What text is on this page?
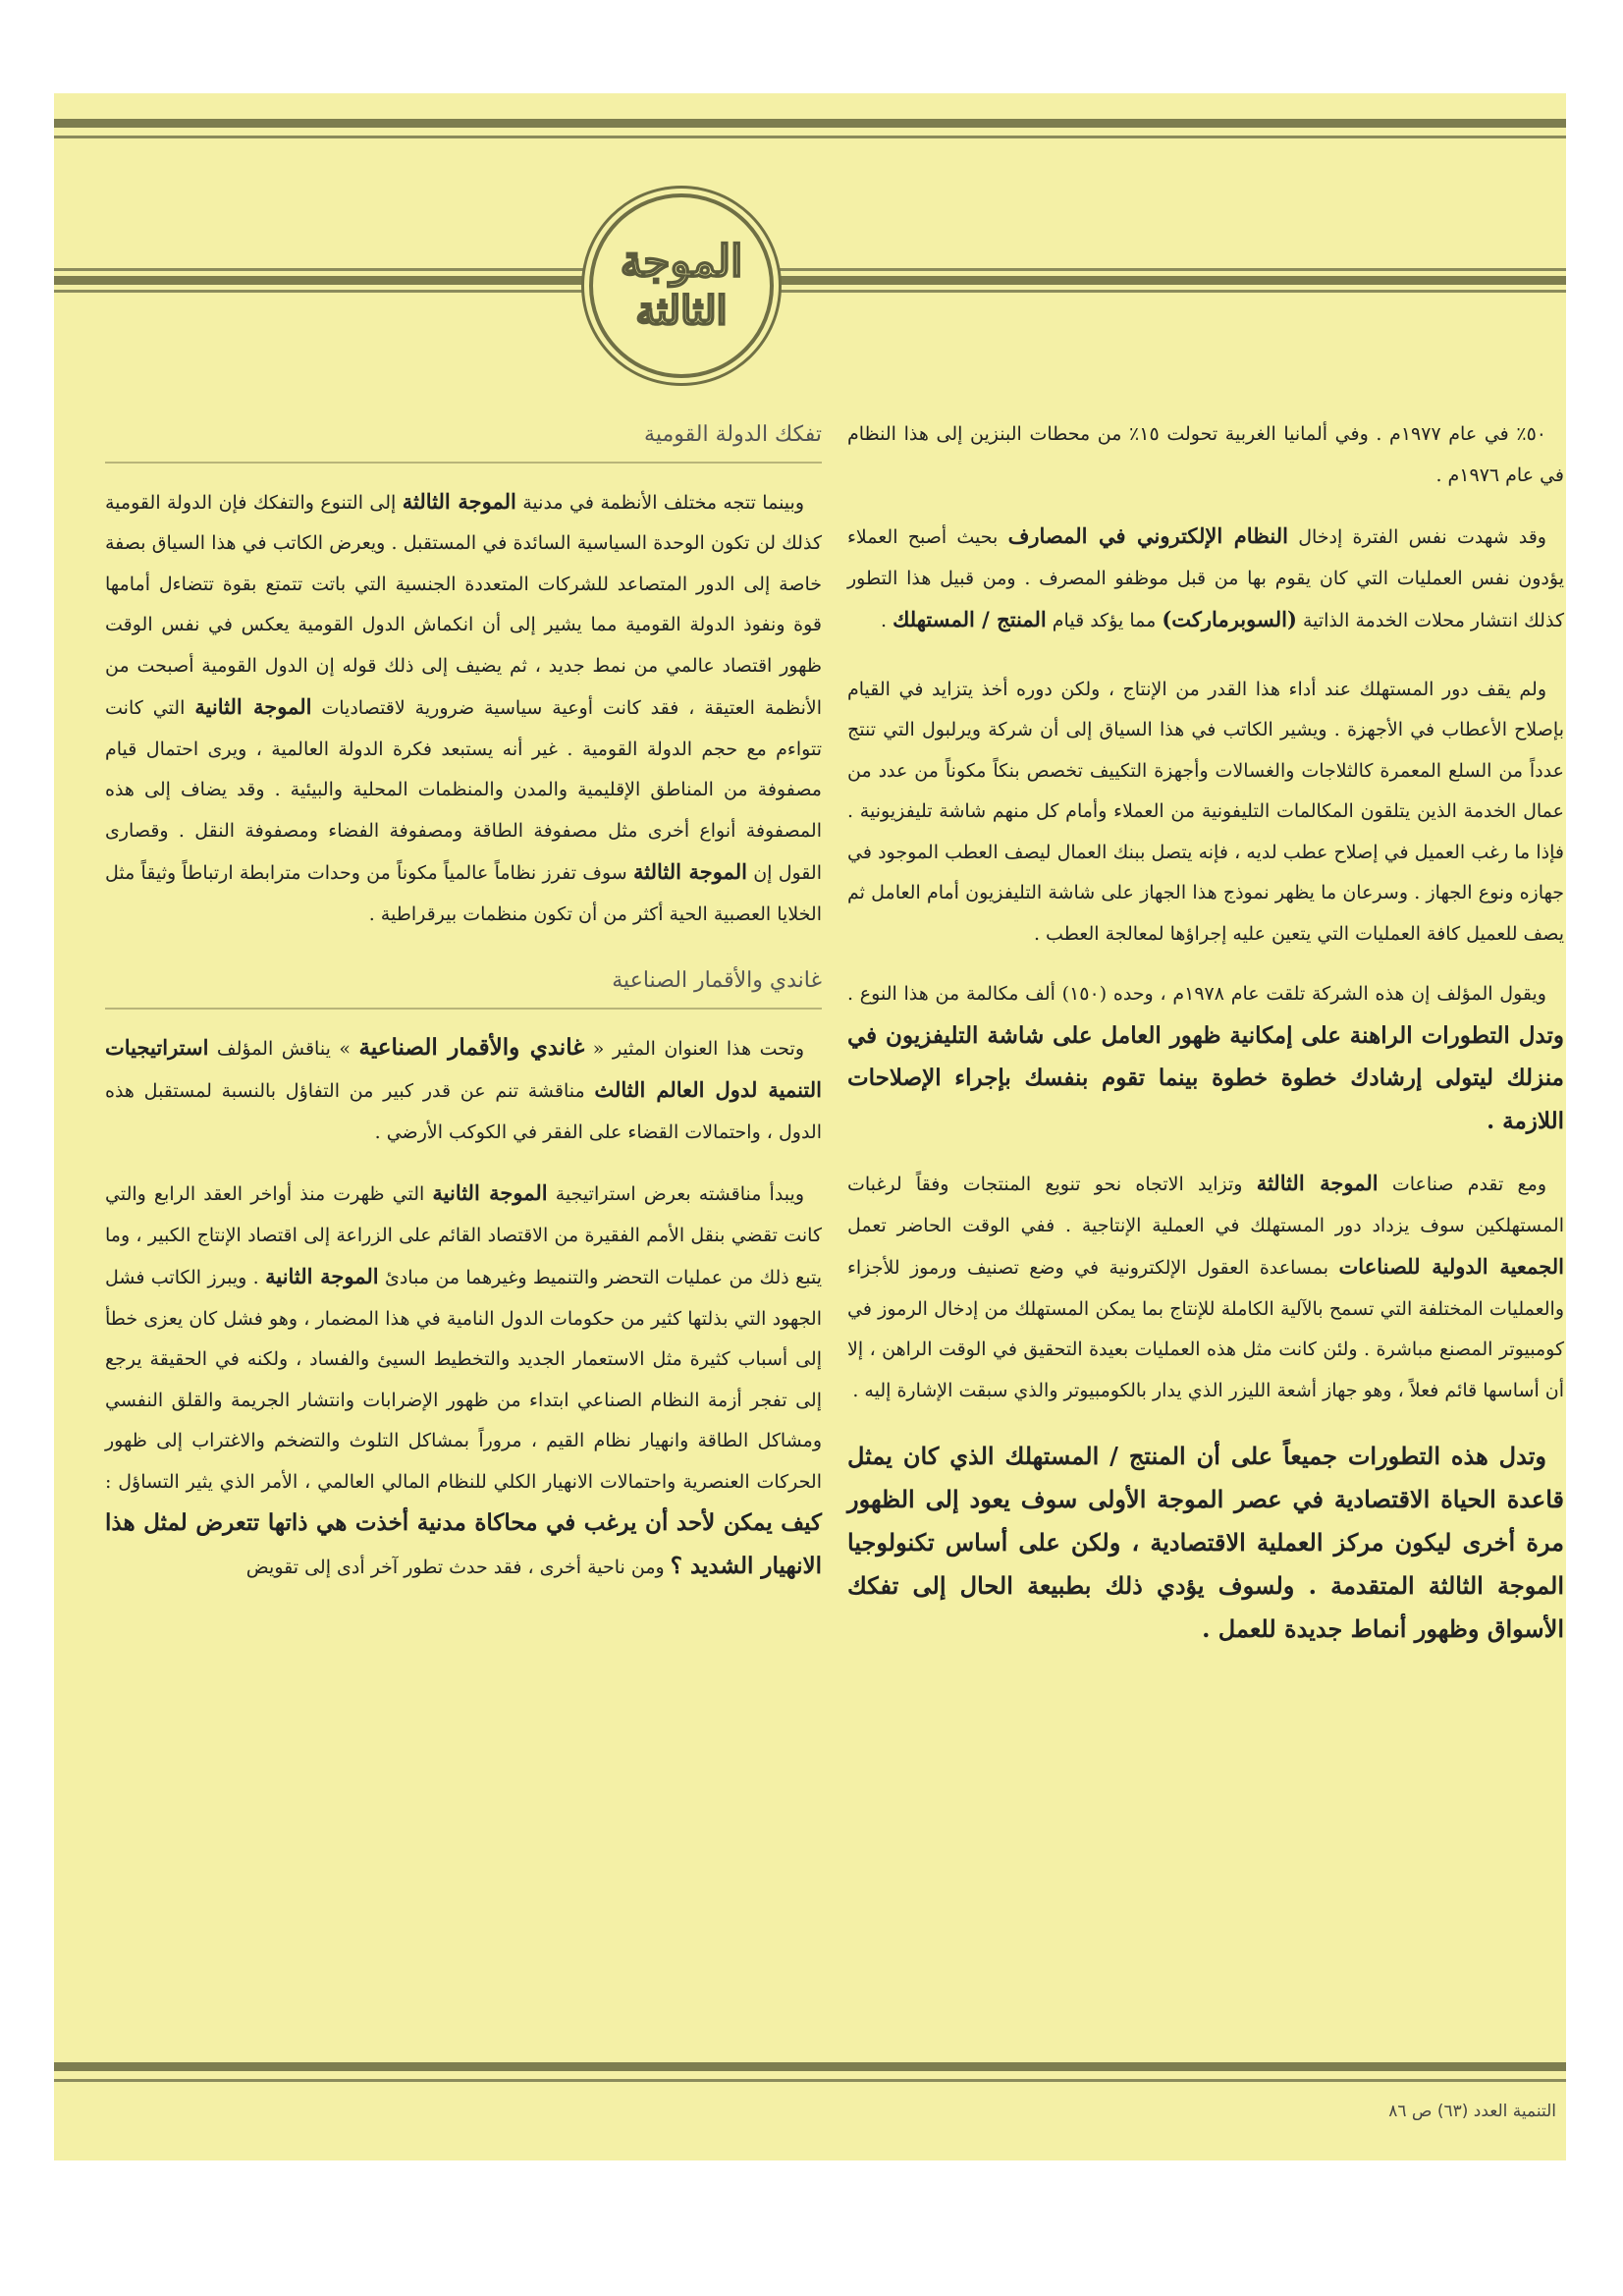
الموجة
الثالثة

٥٠٪ في عام ١٩٧٧م . وفي ألمانيا الغربية تحولت ١٥٪ من محطات البنزين إلى هذا النظام في عام ١٩٧٦م .

وقد شهدت نفس الفترة إدخال النظام الإلكتروني في المصارف بحيث أصبح العملاء يؤدون نفس العمليات التي كان يقوم بها من قبل موظفو المصرف . ومن قبيل هذا التطور كذلك انتشار محلات الخدمة الذاتية (السوبرماركت) مما يؤكد قيام المنتج / المستهلك .

ولم يقف دور المستهلك عند أداء هذا القدر من الإنتاج ، ولكن دوره أخذ يتزايد في القيام بإصلاح الأعطاب في الأجهزة . ويشير الكاتب في هذا السياق إلى أن شركة ويرلبول التي تنتج عدداً من السلع المعمرة كالثلاجات والغسالات وأجهزة التكييف تخصص بنكاً مكوناً من عدد من عمال الخدمة الذين يتلقون المكالمات التليفونية من العملاء وأمام كل منهم شاشة تليفزيونية . فإذا ما رغب العميل في إصلاح عطب لديه ، فإنه يتصل ببنك العمال ليصف العطب الموجود في جهازه ونوع الجهاز . وسرعان ما يظهر نموذج هذا الجهاز على شاشة التليفزيون أمام العامل ثم يصف للعميل كافة العمليات التي يتعين عليه إجراؤها لمعالجة العطب .

ويقول المؤلف إن هذه الشركة تلقت عام ١٩٧٨م ، وحده (١٥٠) ألف مكالمة من هذا النوع . وتدل التطورات الراهنة على إمكانية ظهور العامل على شاشة التليفزيون في منزلك ليتولى إرشادك خطوة خطوة بينما تقوم بنفسك بإجراء الإصلاحات اللازمة .

ومع تقدم صناعات الموجة الثالثة وتزايد الاتجاه نحو تنويع المنتجات وفقاً لرغبات المستهلكين سوف يزداد دور المستهلك في العملية الإنتاجية . ففي الوقت الحاضر تعمل الجمعية الدولية للصناعات بمساعدة العقول الإلكترونية في وضع تصنيف ورموز للأجزاء والعمليات المختلفة التي تسمح بالآلية الكاملة للإنتاج بما يمكن المستهلك من إدخال الرموز في كومبيوتر المصنع مباشرة . ولئن كانت مثل هذه العمليات بعيدة التحقيق في الوقت الراهن ، إلا أن أساسها قائم فعلاً ، وهو جهاز أشعة الليزر الذي يدار بالكومبيوتر والذي سبقت الإشارة إليه .

وتدل هذه التطورات جميعاً على أن المنتج / المستهلك الذي كان يمثل قاعدة الحياة الاقتصادية في عصر الموجة الأولى سوف يعود إلى الظهور مرة أخرى ليكون مركز العملية الاقتصادية ، ولكن على أساس تكنولوجيا الموجة الثالثة المتقدمة . ولسوف يؤدي ذلك بطبيعة الحال إلى تفكك الأسواق وظهور أنماط جديدة للعمل .

تفكك الدولة القومية

وبينما تتجه مختلف الأنظمة في مدنية الموجة الثالثة إلى التنوع والتفكك فإن الدولة القومية كذلك لن تكون الوحدة السياسية السائدة في المستقبل . ويعرض الكاتب في هذا السياق بصفة خاصة إلى الدور المتصاعد للشركات المتعددة الجنسية التي باتت تتمتع بقوة تتضاءل أمامها قوة ونفوذ الدولة القومية مما يشير إلى أن انكماش الدول القومية يعكس في نفس الوقت ظهور اقتصاد عالمي من نمط جديد ، ثم يضيف إلى ذلك قوله إن الدول القومية أصبحت من الأنظمة العتيقة ، فقد كانت أوعية سياسية ضرورية لاقتصاديات الموجة الثانية التي كانت تتواءم مع حجم الدولة القومية . غير أنه يستبعد فكرة الدولة العالمية ، ويرى احتمال قيام مصفوفة من المناطق الإقليمية والمدن والمنظمات المحلية والبيئية . وقد يضاف إلى هذه المصفوفة أنواع أخرى مثل مصفوفة الطاقة ومصفوفة الفضاء ومصفوفة النقل . وقصارى القول إن الموجة الثالثة سوف تفرز نظاماً عالمياً مكوناً من وحدات مترابطة ارتباطاً وثيقاً مثل الخلايا العصبية الحية أكثر من أن تكون منظمات بيرقراطية .

غاندي والأقمار الصناعية

وتحت هذا العنوان المثير « غاندي والأقمار الصناعية » يناقش المؤلف استراتيجيات التنمية لدول العالم الثالث مناقشة تنم عن قدر كبير من التفاؤل بالنسبة لمستقبل هذه الدول ، واحتمالات القضاء على الفقر في الكوكب الأرضي .

ويبدأ مناقشته بعرض استراتيجية الموجة الثانية التي ظهرت منذ أواخر العقد الرابع والتي كانت تقضي بنقل الأمم الفقيرة من الاقتصاد القائم على الزراعة إلى اقتصاد الإنتاج الكبير ، وما يتبع ذلك من عمليات التحضر والتنميط وغيرهما من مبادئ الموجة الثانية . ويبرز الكاتب فشل الجهود التي بذلتها كثير من حكومات الدول النامية في هذا المضمار ، وهو فشل كان يعزى خطأ إلى أسباب كثيرة مثل الاستعمار الجديد والتخطيط السيئ والفساد ، ولكنه في الحقيقة يرجع إلى تفجر أزمة النظام الصناعي ابتداء من ظهور الإضرابات وانتشار الجريمة والقلق النفسي ومشاكل الطاقة وانهيار نظام القيم ، مروراً بمشاكل التلوث والتضخم والاغتراب إلى ظهور الحركات العنصرية واحتمالات الانهيار الكلي للنظام المالي العالمي ، الأمر الذي يثير التساؤل : كيف يمكن لأحد أن يرغب في محاكاة مدنية أخذت هي ذاتها تتعرض لمثل هذا الانهيار الشديد ؟ ومن ناحية أخرى ، فقد حدث تطور آخر أدى إلى تقويض

التنمية العدد (٦٣) ص ٨٦
